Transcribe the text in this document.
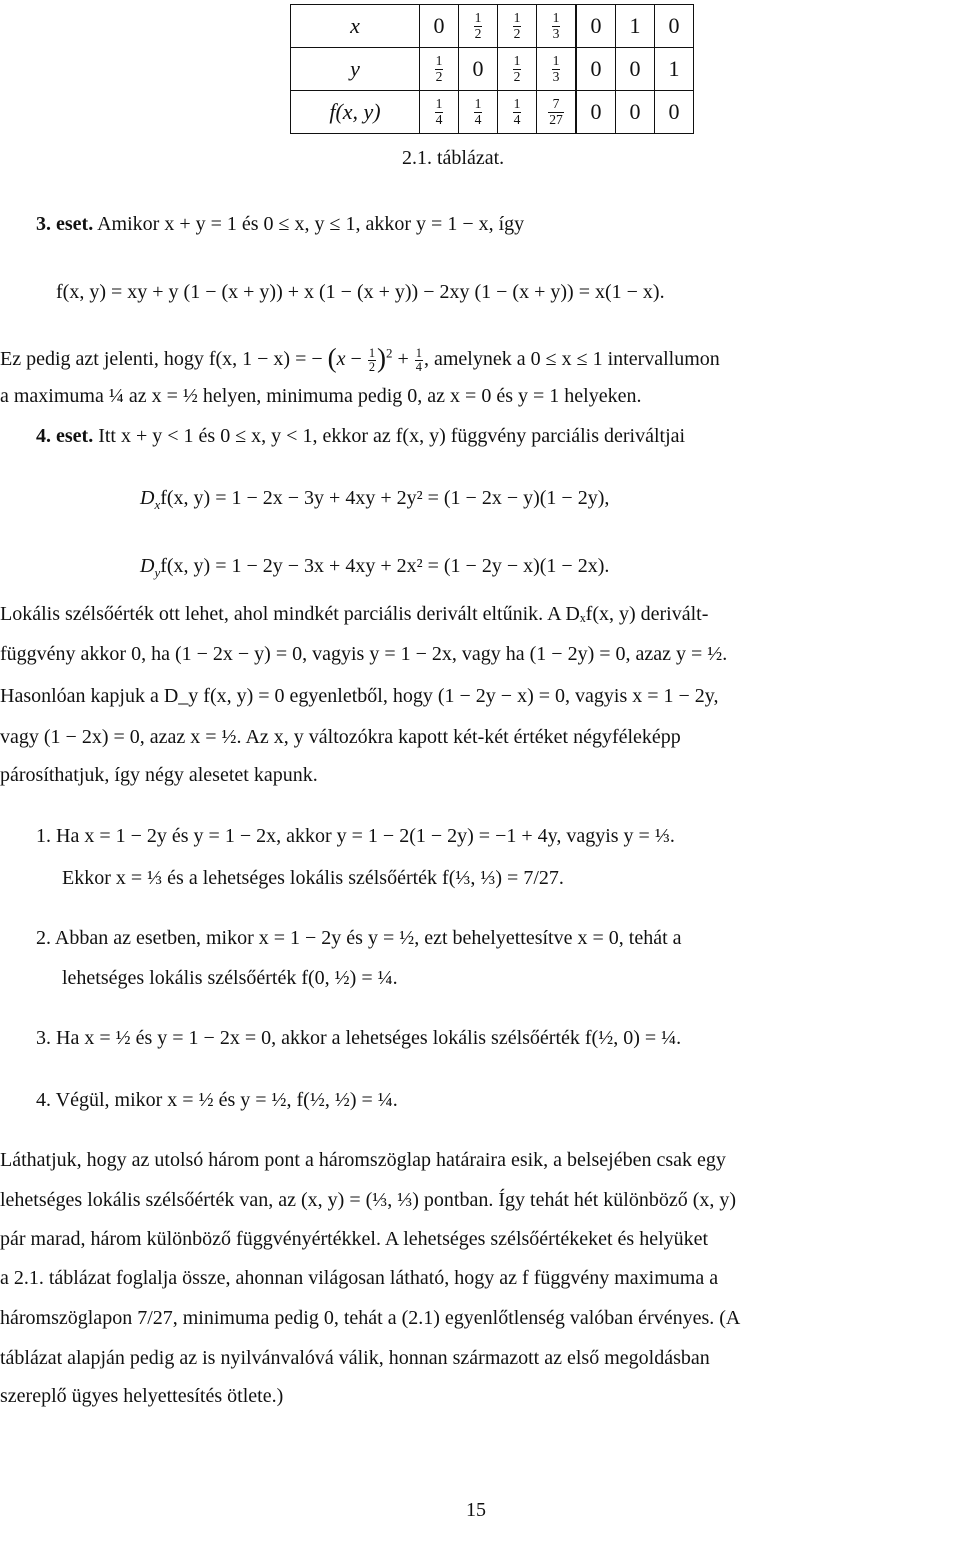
x	0	$\frac{1}{2}$	$\frac{1}{2}$	$\frac{1}{3}$	0	1	0
y	$\frac{1}{2}$	0	$\frac{1}{2}$	$\frac{1}{3}$	0	0	1
f(x, y)	$\frac{1}{4}$	$\frac{1}{4}$	$\frac{1}{4}$	$\frac{7}{27}$	0	0	0
2.1. táblázat.
3. eset. Amikor x + y = 1 és 0 ≤ x, y ≤ 1, akkor y = 1 − x, így
f(x, y) = xy + y (1 − (x + y)) + x (1 − (x + y)) − 2xy (1 − (x + y)) = x(1 − x).
Ez pedig azt jelenti, hogy f(x, 1 − x) = − $(x - \frac{1}{2} )^2 + \frac{1}{4}$ , amelynek a 0 ≤ x ≤ 1 intervallumon
a maximuma ¼ az x = ½ helyen, minimuma pedig 0, az x = 0 és y = 1 helyeken.
4. eset. Itt x + y < 1 és 0 ≤ x, y < 1, ekkor az f(x, y) függvény parciális deriváltjai
$D_xf(x$, y) = 1 − 2x − 3y + 4xy + 2y² = (1 − 2x − y)(1 − 2y),
$D_yf(x$, y) = 1 − 2y − 3x + 4xy + 2x² = (1 − 2y − x)(1 − 2x).
Lokális szélsőérték ott lehet, ahol mindkét parciális derivált eltűnik. A Dₓf(x, y) derivált-
függvény akkor 0, ha (1 − 2x − y) = 0, vagyis y = 1 − 2x, vagy ha (1 − 2y) = 0, azaz y = ½.
Hasonlóan kapjuk a D_y f(x, y) = 0 egyenletből, hogy (1 − 2y − x) = 0, vagyis x = 1 − 2y,
vagy (1 − 2x) = 0, azaz x = ½. Az x, y változókra kapott két-két értéket négyféleképp
párosíthatjuk, így négy alesetet kapunk.
1. Ha x = 1 − 2y és y = 1 − 2x, akkor y = 1 − 2(1 − 2y) = −1 + 4y, vagyis y = ⅓.
Ekkor x = ⅓ és a lehetséges lokális szélsőérték f(⅓, ⅓) = 7/27.
2. Abban az esetben, mikor x = 1 − 2y és y = ½, ezt behelyettesítve x = 0, tehát a
lehetséges lokális szélsőérték f(0, ½) = ¼.
3. Ha x = ½ és y = 1 − 2x = 0, akkor a lehetséges lokális szélsőérték f(½, 0) = ¼.
4. Végül, mikor x = ½ és y = ½, f(½, ½) = ¼.
Láthatjuk, hogy az utolsó három pont a háromszöglap határaira esik, a belsejében csak egy
lehetséges lokális szélsőérték van, az (x, y) = (⅓, ⅓) pontban. Így tehát hét különböző (x, y)
pár marad, három különböző függvényértékkel. A lehetséges szélsőértékeket és helyüket
a 2.1. táblázat foglalja össze, ahonnan világosan látható, hogy az f függvény maximuma a
háromszöglapon 7/27, minimuma pedig 0, tehát a (2.1) egyenlőtlenség valóban érvényes. (A
táblázat alapján pedig az is nyilvánvalóvá válik, honnan származott az első megoldásban
szereplő ügyes helyettesítés ötlete.)
15
